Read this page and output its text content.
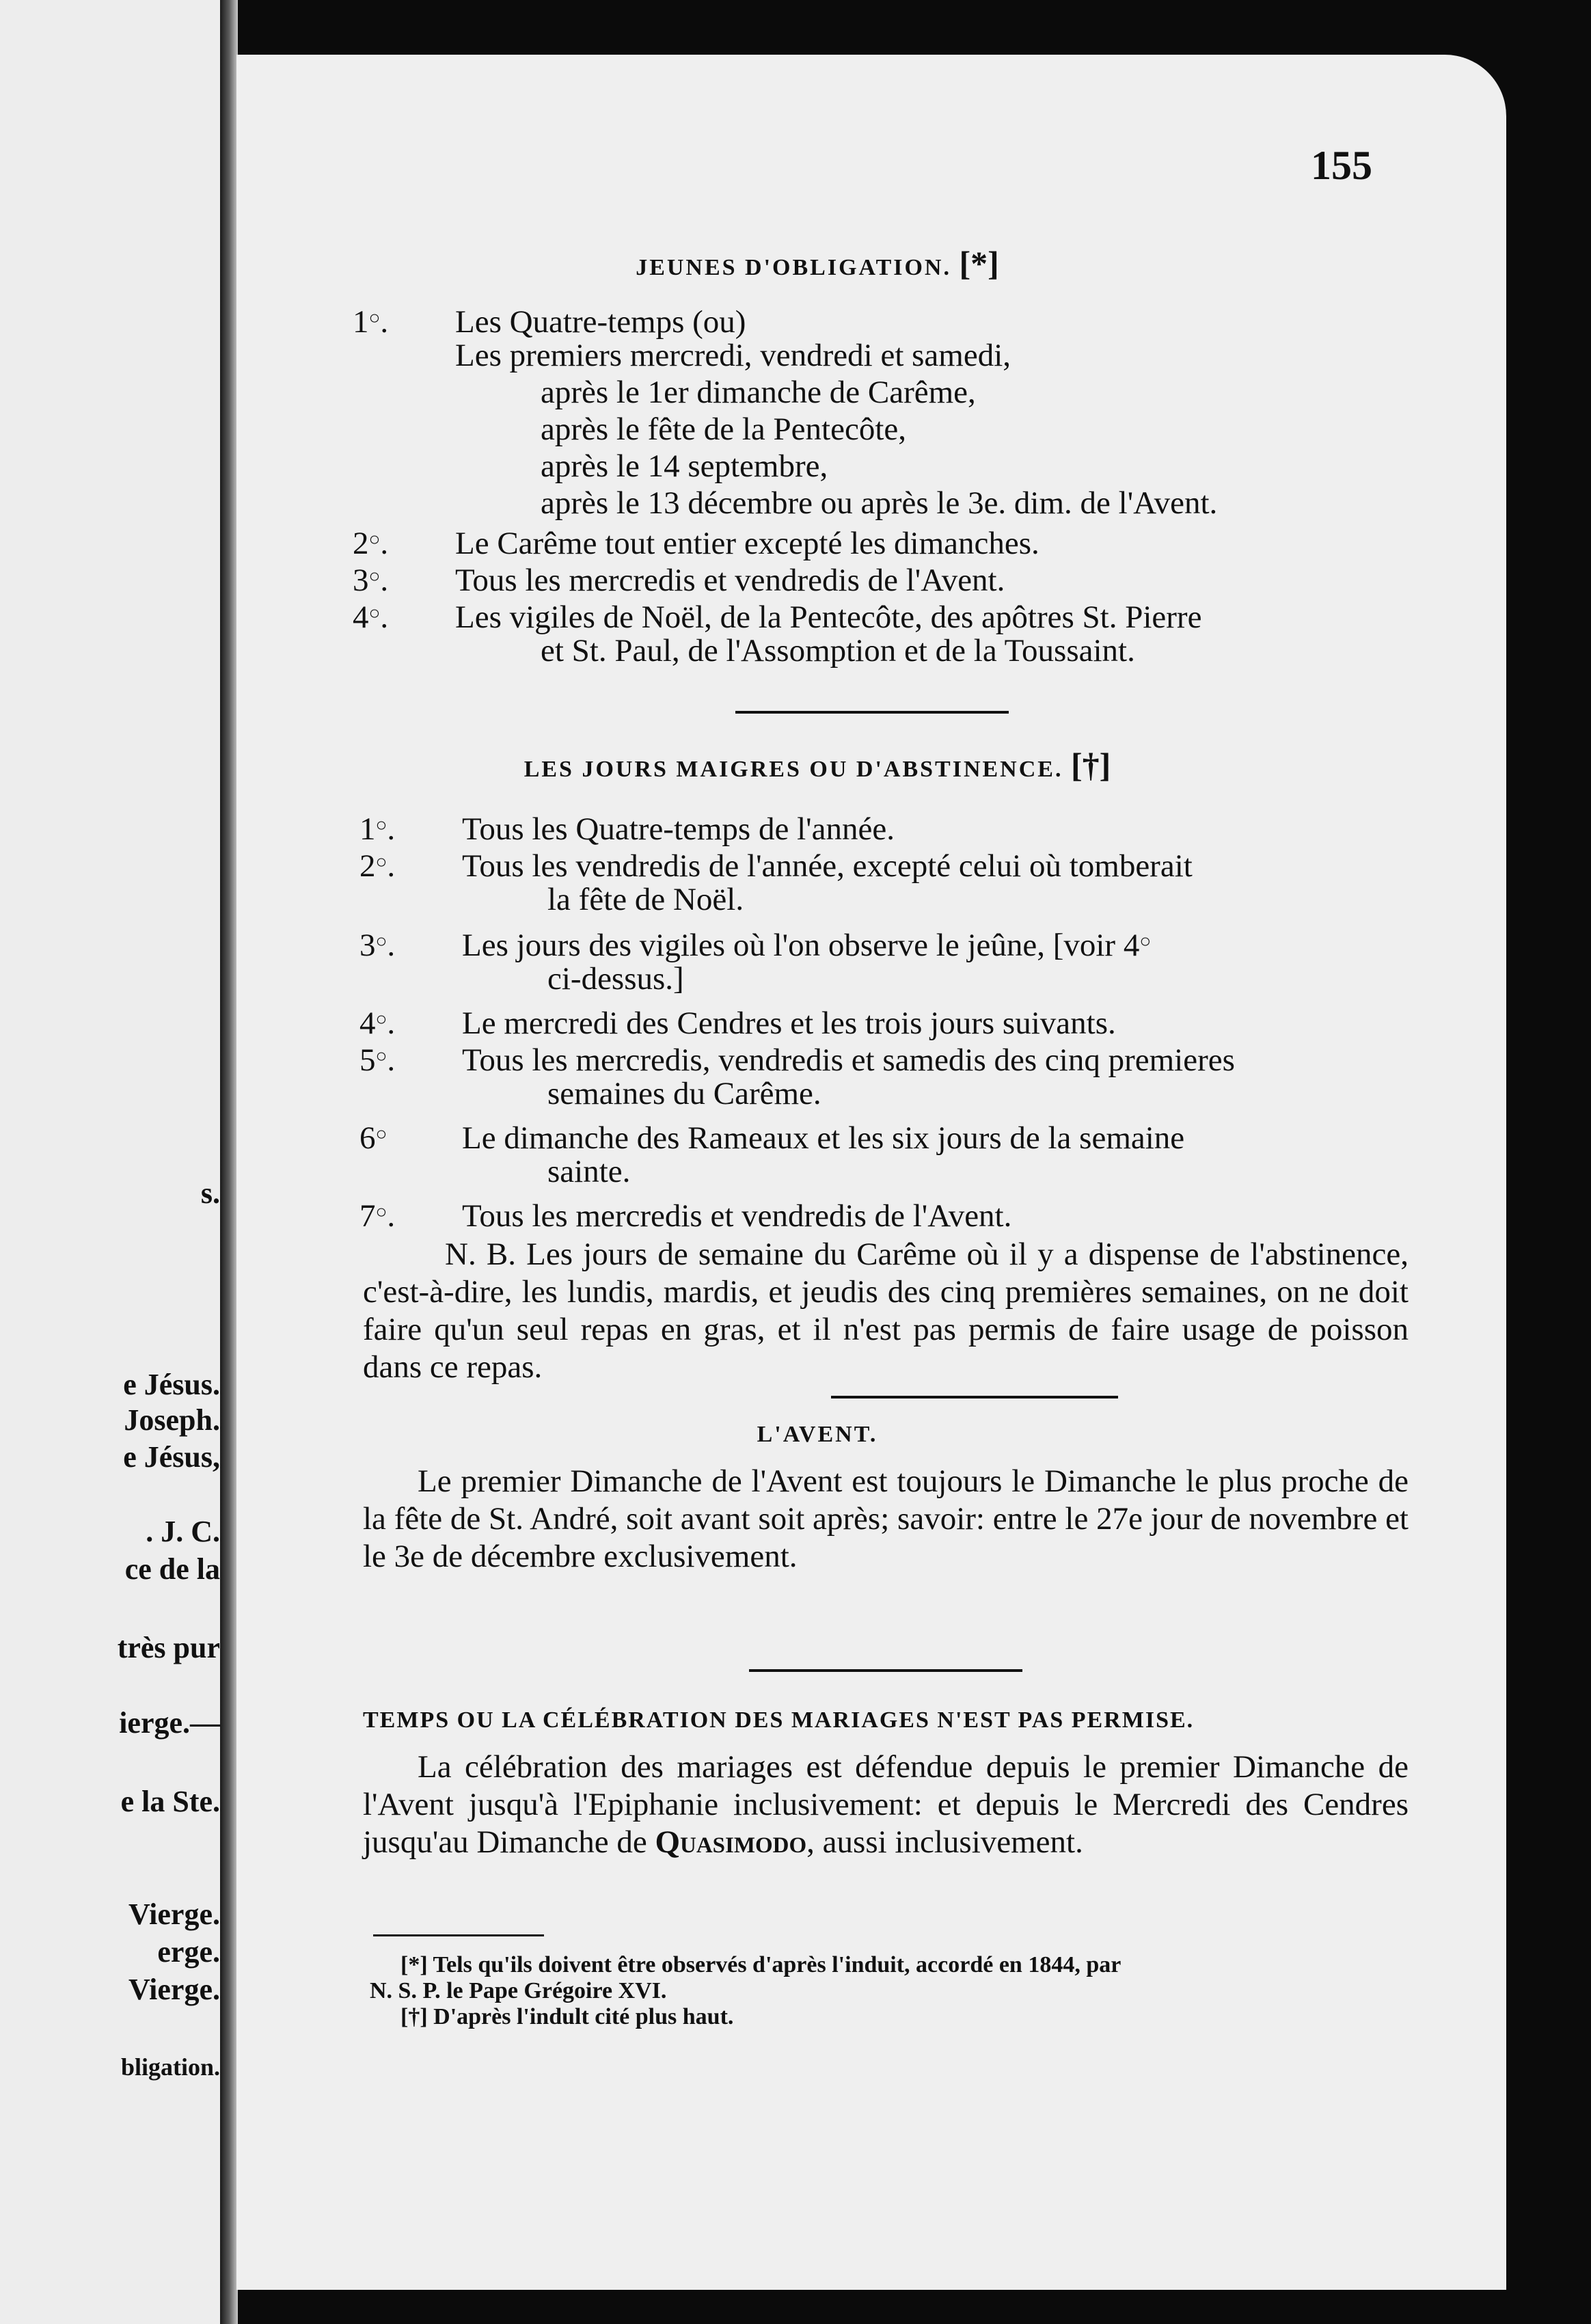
s.
e Jésus.
Joseph.
e Jésus,
. J. C.
ce de la
très pur
ierge.—
e la Ste.
Vierge.
erge.
Vierge.
bligation.
155
JEUNES D'OBLIGATION. [*]
1○. Les Quatre-temps (ou)
Les premiers mercredi, vendredi et samedi,
après le 1er dimanche de Carême,
après le fête de la Pentecôte,
après le 14 septembre,
après le 13 décembre ou après le 3e. dim. de l'Avent.
2○. Le Carême tout entier excepté les dimanches.
3○. Tous les mercredis et vendredis de l'Avent.
4○. Les vigiles de Noël, de la Pentecôte, des apôtres St. Pierre
et St. Paul, de l'Assomption et de la Toussaint.
LES JOURS MAIGRES OU D'ABSTINENCE. [†]
1○. Tous les Quatre-temps de l'année.
2○. Tous les vendredis de l'année, excepté celui où tomberait
la fête de Noël.
3○. Les jours des vigiles où l'on observe le jeûne, [voir 4○
ci-dessus.]
4○. Le mercredi des Cendres et les trois jours suivants.
5○. Tous les mercredis, vendredis et samedis des cinq premieres
semaines du Carême.
6○ Le dimanche des Rameaux et les six jours de la semaine
sainte.
7○. Tous les mercredis et vendredis de l'Avent.
N. B. Les jours de semaine du Carême où il y a dispense de l'abstinence, c'est-à-dire, les lundis, mardis, et jeudis des cinq premières semaines, on ne doit faire qu'un seul repas en gras, et il n'est pas permis de faire usage de poisson dans ce repas.
L'AVENT.
Le premier Dimanche de l'Avent est toujours le Dimanche le plus proche de la fête de St. André, soit avant soit après; savoir: entre le 27e jour de novembre et le 3e de décembre exclusivement.
TEMPS OU LA CÉLÉBRATION DES MARIAGES N'EST PAS PERMISE.
La célébration des mariages est défendue depuis le premier Dimanche de l'Avent jusqu'à l'Epiphanie inclusivement: et depuis le Mercredi des Cendres jusqu'au Dimanche de Quasimodo, aussi inclusivement.
[*] Tels qu'ils doivent être observés d'après l'induit, accordé en 1844, par
N. S. P. le Pape Grégoire XVI.
[†] D'après l'indult cité plus haut.
